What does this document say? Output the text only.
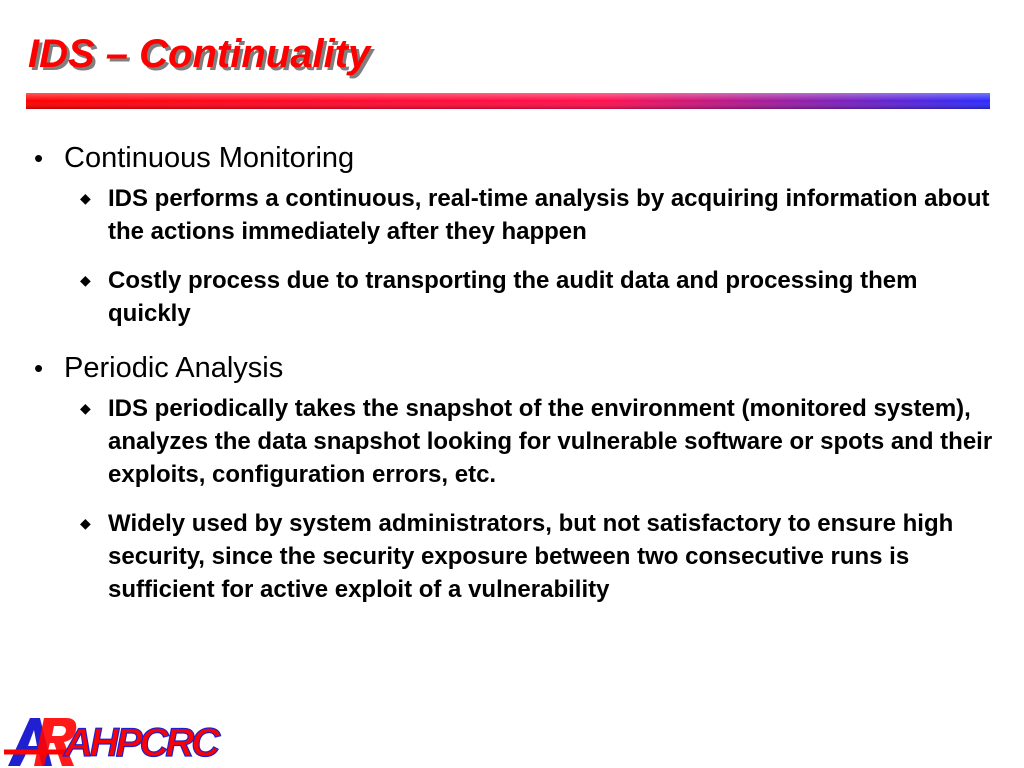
IDS – Continuality

• Continuous Monitoring

◆ IDS performs a continuous, real-time analysis by acquiring information about the actions immediately after they happen

◆ Costly process due to transporting the audit data and processing them quickly

• Periodic Analysis

◆ IDS periodically takes the snapshot of the environment (monitored system), analyzes the data snapshot looking for vulnerable software or spots and their exploits, configuration errors, etc.

◆ Widely used by system administrators, but not satisfactory to ensure high security, since the security exposure between two consecutive runs is sufficient for active exploit of a vulnerability

AHPCRC
